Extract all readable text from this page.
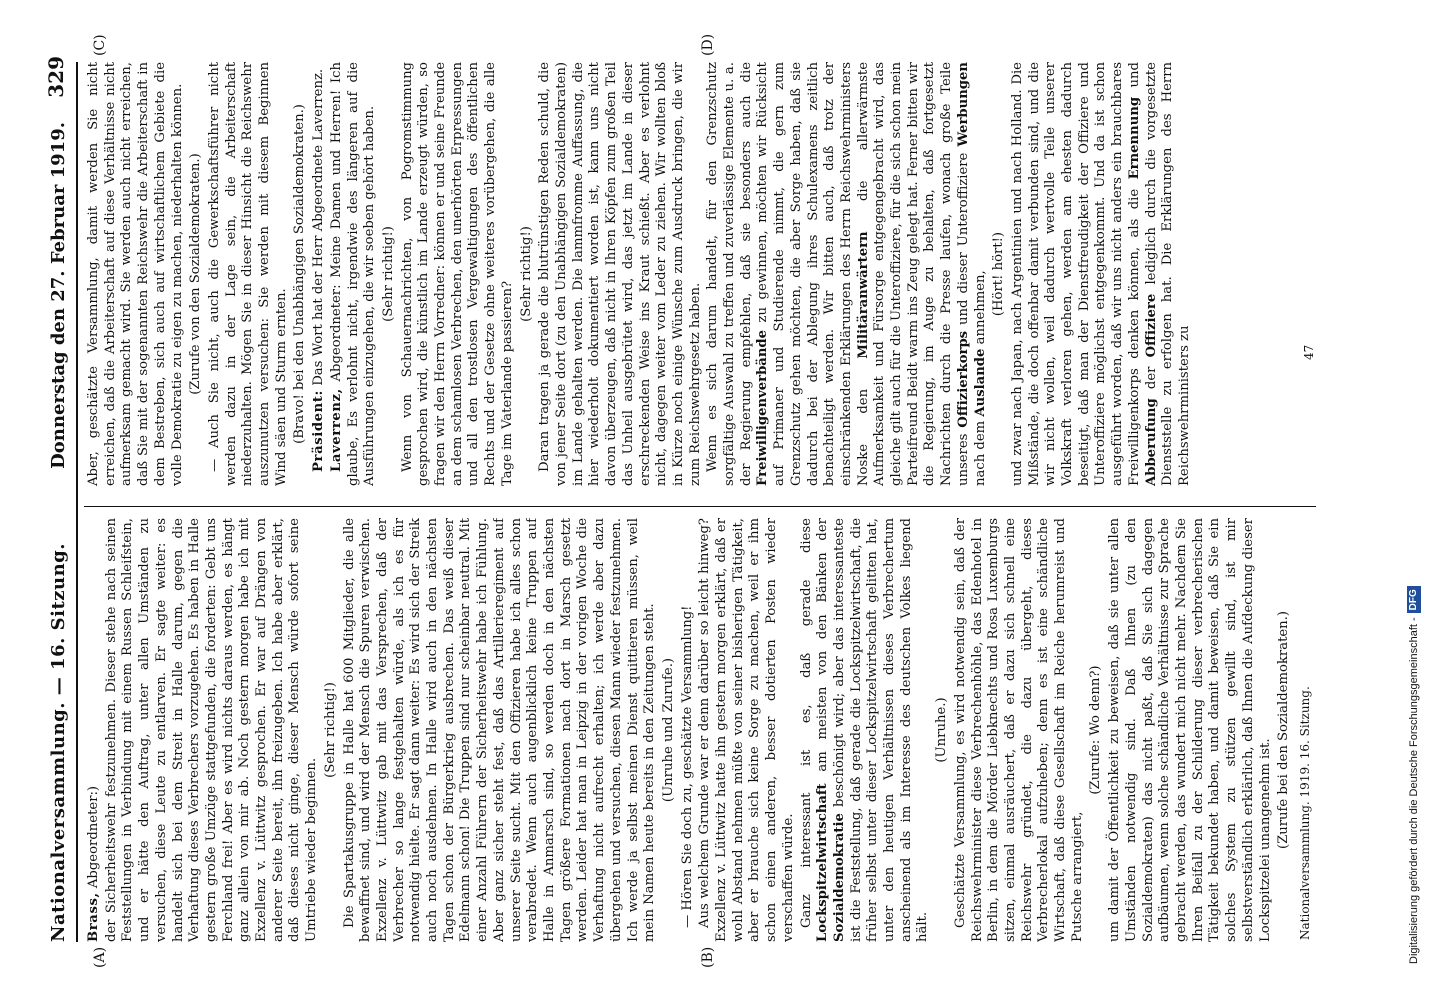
Nationalversammlung. — 16. Sitzung.
Donnerstag den 27. Februar 1919.
329
(A)	(B)
(C)	(D)

Brass, Abgeordneter:) der Sicherheitswehr festzunehmen. Dieser stehe nach seinen Feststellungen in Verbindung mit einem Russen Schleifstein, und er hätte den Auftrag, unter allen Umständen zu versuchen, diese Leute zu entlarven. Er sagte weiter: es handelt sich bei dem Streit in Halle darum, gegen die Verhaftung dieses Verbrechers vorzugehen. Es haben in Halle gestern große Umzüge stattgefunden, die forderten: Gebt uns Ferchland frei! Aber es wird nichts daraus werden, es hängt ganz allein von mir ab. Noch gestern morgen habe ich mit Exzellenz v. Lüttwitz gesprochen. Er war auf Drängen von anderer Seite bereit, ihn freizugeben. Ich habe aber erklärt, daß dieses nicht ginge, dieser Mensch würde sofort seine Umtriebe wieder beginnen.

(Sehr richtig!) Die Spartakusgruppe in Halle hat 600 Mitglieder, die alle bewaffnet sind, und wird der Mensch die Spuren verwischen. Exzellenz v. Lüttwitz gab mit das Versprechen, daß der Verbrecher so lange festgehalten würde, als ich es für notwendig hielte. Er sagt dann weiter: Es wird sich der Streik auch noch ausdehnen. In Halle wird auch in den nächsten Tagen schon der Bürgerkrieg ausbrechen. Das weiß dieser Edelmann schon! Die Truppen sind nur scheinbar neutral. Mit einer Anzahl Führern der Sicherheitswehr habe ich Fühlung. Aber ganz sicher steht fest, daß das Artillerieregiment auf unserer Seite sucht. Mit den Offizieren habe ich alles schon verabredet. Wenn auch augenblicklich keine Truppen auf Halle in Anmarsch sind, so werden doch in den nächsten Tagen größere Formationen nach dort in Marsch gesetzt werden. Leider hat man in Leipzig in der vorigen Woche die Verhaftung nicht aufrecht erhalten; ich werde aber dazu übergehen und versuchen, diesen Mann wieder festzunehmen. Ich werde ja selbst meinen Dienst quittieren müssen, weil mein Namen heute bereits in den Zeitungen steht. (Unruhe und Zurufe.) — Hören Sie doch zu, geschätzte Versammlung! Aus welchem Grunde war er denn darüber so leicht hinweg? Exzellenz v. Lüttwitz hatte ihn gestern morgen erklärt, daß er wohl Abstand nehmen müßte von seiner bisherigen Tätigkeit, aber er brauche sich keine Sorge zu machen, weil er ihm schon einen anderen, besser dotierten Posten wieder verschaffen würde. Ganz interessant ist es, daß gerade diese Lockspitzelwirtschaft am meisten von den Bänken der Sozialdemokratie beschönigt wird; aber das interessanteste ist die Feststellung, daß gerade die Lockspitzelwirtschaft, die früher selbst unter dieser Lockspitzelwirtschaft gelitten hat, unter den heutigen Verhältnissen dieses Verbrechertum anscheinend als im Interesse des deutschen Volkes liegend hält.

(Unruhe.) Geschätzte Versammlung, es wird notwendig sein, daß der Reichswehrminister diese Verbrechenhöhle, das Edenhotel in Berlin, in dem die Mörder Liebknechts und Rosa Luxemburgs sitzen, einmal ausräuchert, daß er dazu sich schnell eine Reichswehr gründet, die dazu übergeht, dieses Verbrecherlokal aufzuheben; denn es ist eine schändliche Wirtschaft, daß diese Gesellschaft im Reiche herumreist und Putsche arrangiert,

(Zurufe: Wo denn?) um damit der Öffentlichkeit zu beweisen, daß sie unter allen Umständen notwendig sind. Daß Ihnen (zu den Sozialdemokraten) das nicht paßt, daß Sie sich dagegen aufbäumen, wenn solche schändliche Verhältnisse zur Sprache gebracht werden, das wundert mich nicht mehr. Nachdem Sie Ihren Beifall zu der Schilderung dieser verbrecherischen Tätigkeit bekundet haben, und damit beweisen, daß Sie ein solches System zu stützen gewillt sind, ist mir selbstverständlich erklärlich, daß Ihnen die Aufdeckung dieser Lockspitzelei unangenehm ist. (Zurufe bei den Sozialdemokraten.)

Aber, geschätzte Versammlung, damit werden Sie nicht erreichen, daß die Arbeiterschaft auf diese Verhältnisse nicht aufmerksam gemacht wird. Sie werden auch nicht erreichen, daß Sie mit der sogenannten Reichswehr die Arbeiterschaft in dem Bestreben, sich auch auf wirtschaftlichem Gebiete die volle Demokratie zu eigen zu machen, niederhalten können. (Zurufe von den Sozialdemokraten.) — Auch Sie nicht, auch die Gewerkschaftsführer nicht werden dazu in der Lage sein, die Arbeiterschaft niederzuhalten. Mögen Sie in dieser Hinsicht die Reichswehr auszunutzen versuchen: Sie werden mit diesem Beginnen Wind säen und Sturm ernten. (Bravo! bei den Unabhängigen Sozialdemokraten.) Präsident: Das Wort hat der Herr Abgeordnete Laverrenz.

Laverrenz, Abgeordneter: Meine Damen und Herren! Ich glaube, Es verlohnt nicht, irgendwie des längeren auf die Ausführungen einzugehen, die wir soeben gehört haben. (Sehr richtig!) Wenn von Schauernachrichten, von Pogromstimmung gesprochen wird, die künstlich im Lande erzeugt würden, so fragen wir den Herrn Vorredner: können er und seine Freunde an dem schamlosen Verbrechen, den unerhörten Erpressungen und all den trostlosen Vergewaltigungen des öffentlichen Rechts und der Gesetze ohne weiteres vorübergehen, die alle Tage im Vaterlande passieren?

(Sehr richtig!) Daran tragen ja gerade die blutrünstigen Reden schuld, die von jener Seite dort (zu den Unabhängigen Sozialdemokraten) im Lande gehalten werden. Die lammfromme Auffassung, die hier wiederholt dokumentiert worden ist, kann uns nicht davon überzeugen, daß nicht in Ihren Köpfen zum großen Teil das Unheil ausgebrütet wird, das jetzt im Lande in dieser erschreckenden Weise ins Kraut schießt. Aber es verlohnt nicht, dagegen weiter vom Leder zu ziehen. Wir wollten bloß in Kürze noch einige Wünsche zum Ausdruck bringen, die wir zum Reichswehrgesetz haben. Wenn es sich darum handelt, für den Grenzschutz sorgfältige Auswahl zu treffen und zuverlässige Elemente u. a. der Regierung empfehlen, daß sie besonders auch die Freiwilligenverbände zu gewinnen, möchten wir Rücksicht auf Primaner und Studierende nimmt, die gern zum Grenzschutz gehen möchten, die aber Sorge haben, daß sie dadurch bei der Ablegung ihres Schulexamens zeitlich benachteiligt werden. Wir bitten auch, daß trotz der einschränkenden Erklärungen des Herrn Reichswehrministers Noske den Militäranwärtern die allerwärmste Aufmerksamkeit und Fürsorge entgegengebracht wird, das gleiche gilt auch für die Unteroffiziere, für die sich schon mein Parteifreund Beidt warm ins Zeug gelegt hat. Ferner bitten wir die Regierung, im Auge zu behalten, daß fortgesetzt Nachrichten durch die Presse laufen, wonach große Teile unseres Offizierkorps und dieser Unteroffiziere Werbungen nach dem Auslande annehmen, (Hört! hört!) und zwar nach Japan, nach Argentinien und nach Holland. Die Mißstände, die doch offenbar damit verbunden sind, und die wir nicht wollen, weil dadurch wertvolle Teile unserer Volkskraft verloren gehen, werden am ehesten dadurch beseitigt, daß man der Dienstfreudigkeit der Offiziere und Unteroffiziere möglichst entgegenkommt. Und da ist schon ausgeführt worden, daß wir uns nicht anders ein brauchbares Freiwilligenkorps denken können, als die Ernennung und Abberufung der Offiziere lediglich durch die vorgesetzte Dienststelle zu erfolgen hat. Die Erklärungen des Herrn Reichswehrministers zu

Nationalversammlung. 1919. 16. Sitzung.
47
Digitalisierung gefördert durch die Deutsche Forschungsgemeinschaft -DFG
